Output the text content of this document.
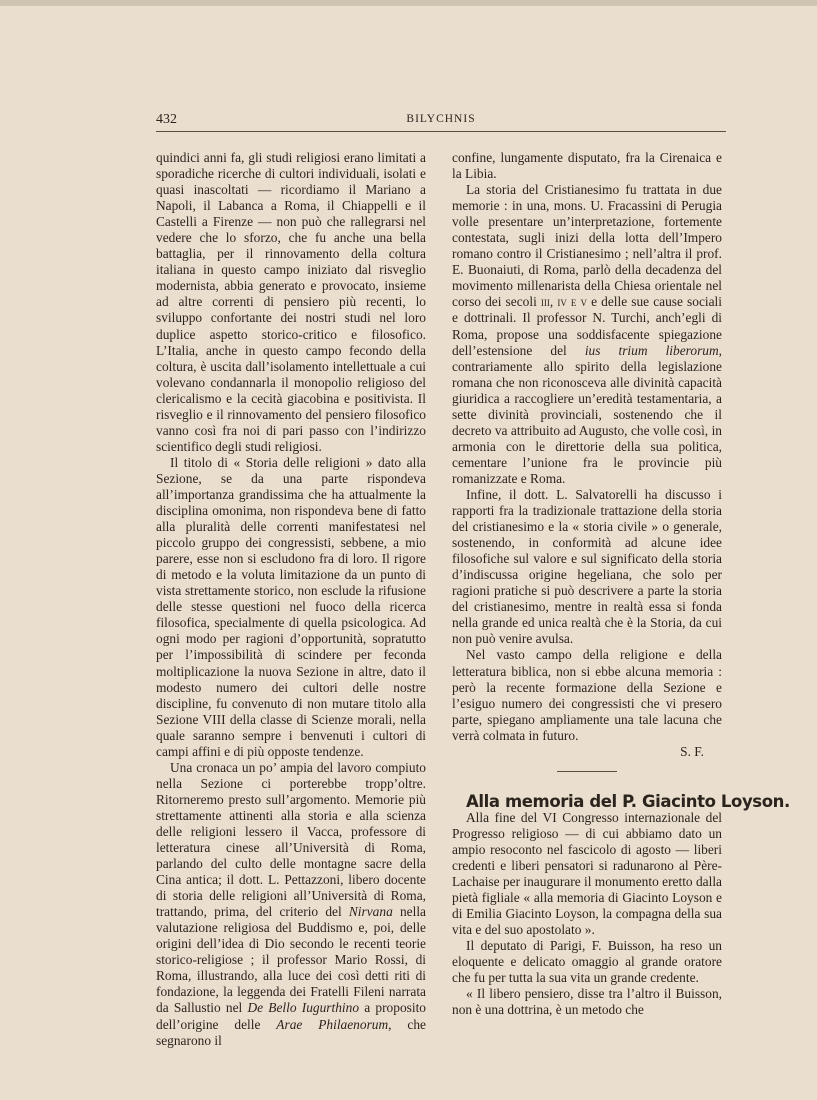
432	BILYCHNIS

quindici anni fa, gli studi religiosi erano limitati a sporadiche ricerche di cultori individuali, isolati e quasi inascoltati — ricordiamo il Mariano a Napoli, il Labanca a Roma, il Chiappelli e il Castelli a Firenze — non può che rallegrarsi nel vedere che lo sforzo, che fu anche una bella battaglia, per il rinnovamento della coltura italiana in questo campo iniziato dal risveglio modernista, abbia generato e provocato, insieme ad altre correnti di pensiero più recenti, lo sviluppo confortante dei nostri studi nel loro duplice aspetto storico-critico e filosofico. L’Italia, anche in questo campo fecondo della coltura, è uscita dall’isolamento intellettuale a cui volevano condannarla il monopolio religioso del clericalismo e la cecità giacobina e positivista. Il risveglio e il rinnovamento del pensiero filosofico vanno così fra noi di pari passo con l’indirizzo scientifico degli studi religiosi.

Il titolo di « Storia delle religioni » dato alla Sezione, se da una parte rispondeva all’importanza grandissima che ha attualmente la disciplina omonima, non rispondeva bene di fatto alla pluralità delle correnti manifestatesi nel piccolo gruppo dei congressisti, sebbene, a mio parere, esse non si escludono fra di loro. Il rigore di metodo e la voluta limitazione da un punto di vista strettamente storico, non esclude la rifusione delle stesse questioni nel fuoco della ricerca filosofica, specialmente di quella psicologica. Ad ogni modo per ragioni d’opportunità, sopratutto per l’impossibilità di scindere per feconda moltiplicazione la nuova Sezione in altre, dato il modesto numero dei cultori delle nostre discipline, fu convenuto di non mutare titolo alla Sezione VIII della classe di Scienze morali, nella quale saranno sempre i benvenuti i cultori di campi affini e di più opposte tendenze.

Una cronaca un po’ ampia del lavoro compiuto nella Sezione ci porterebbe tropp’oltre. Ritorneremo presto sull’argomento. Memorie più strettamente attinenti alla storia e alla scienza delle religioni lessero il Vacca, professore di letteratura cinese all’Università di Roma, parlando del culto delle montagne sacre della Cina antica; il dott. L. Pettazzoni, libero docente di storia delle religioni all’Università di Roma, trattando, prima, del criterio del Nirvana nella valutazione religiosa del Buddismo e, poi, delle origini dell’idea di Dio secondo le recenti teorie storico-religiose ; il professor Mario Rossi, di Roma, illustrando, alla luce dei così detti riti di fondazione, la leggenda dei Fratelli Fileni narrata da Sallustio nel De Bello Iugurthino a proposito dell’origine delle Arae Philaenorum, che segnarono il

confine, lungamente disputato, fra la Cirenaica e la Libia.

La storia del Cristianesimo fu trattata in due memorie : in una, mons. U. Fracassini di Perugia volle presentare un’interpretazione, fortemente contestata, sugli inizi della lotta dell’Impero romano contro il Cristianesimo ; nell’altra il prof. E. Buonaiuti, di Roma, parlò della decadenza del movimento millenarista della Chiesa orientale nel corso dei secoli iii, iv e v e delle sue cause sociali e dottrinali. Il professor N. Turchi, anch’egli di Roma, propose una soddisfacente spiegazione dell’estensione del ius trium liberorum, contrariamente allo spirito della legislazione romana che non riconosceva alle divinità capacità giuridica a raccogliere un’eredità testamentaria, a sette divinità provinciali, sostenendo che il decreto va attribuito ad Augusto, che volle così, in armonia con le direttorie della sua politica, cementare l’unione fra le provincie più romanizzate e Roma.

Infine, il dott. L. Salvatorelli ha discusso i rapporti fra la tradizionale trattazione della storia del cristianesimo e la « storia civile » o generale, sostenendo, in conformità ad alcune idee filosofiche sul valore e sul significato della storia d’indiscussa origine hegeliana, che solo per ragioni pratiche si può descrivere a parte la storia del cristianesimo, mentre in realtà essa si fonda nella grande ed unica realtà che è la Storia, da cui non può venire avulsa.

Nel vasto campo della religione e della letteratura biblica, non si ebbe alcuna memoria : però la recente formazione della Sezione e l’esiguo numero dei congressisti che vi presero parte, spiegano ampliamente una tale lacuna che verrà colmata in futuro.

S. F.

Alla memoria del P. Giacinto Loyson.

Alla fine del VI Congresso internazionale del Progresso religioso — di cui abbiamo dato un ampio resoconto nel fascicolo di agosto — liberi credenti e liberi pensatori si radunarono al Père-Lachaise per inaugurare il monumento eretto dalla pietà figliale « alla memoria di Giacinto Loyson e di Emilia Giacinto Loyson, la compagna della sua vita e del suo apostolato ».

Il deputato di Parigi, F. Buisson, ha reso un eloquente e delicato omaggio al grande oratore che fu per tutta la sua vita un grande credente.

« Il libero pensiero, disse tra l’altro il Buisson, non è una dottrina, è un metodo che
